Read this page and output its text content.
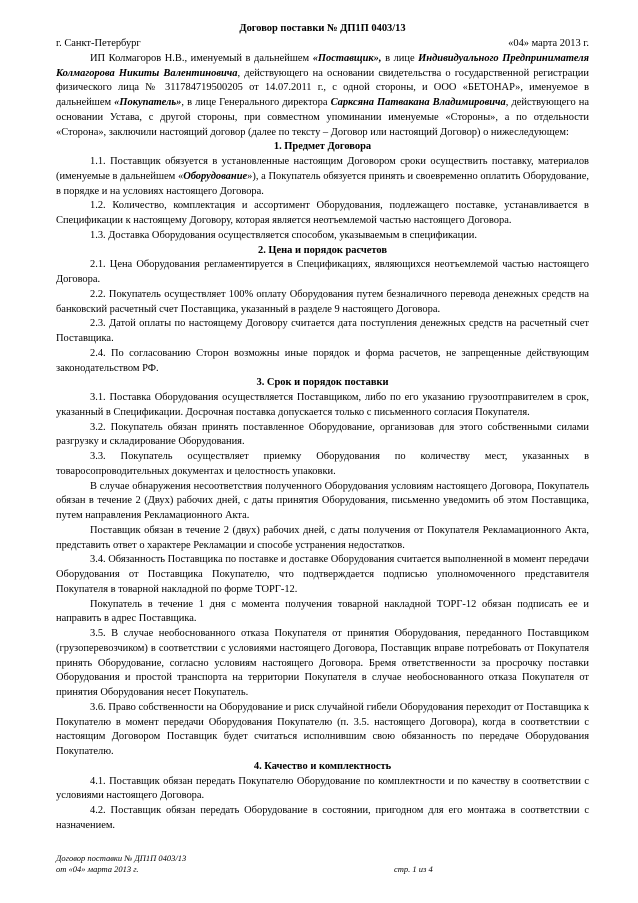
Договор поставки № ДП1П 0403/13
г. Санкт-Петербург	«04» марта 2013 г.

ИП Колмагоров Н.В., именуемый в дальнейшем «Поставщик», в лице Индивидуального Предпринимателя Колмагорова Никиты Валентиновича, действующего на основании свидетельства о государственной регистрации физического лица № 311784719500205 от 14.07.2011 г., с одной стороны, и ООО «БЕТОНАР», именуемое в дальнейшем «Покупатель», в лице Генерального директора Сарксяна Патвакана Владимировича, действующего на основании Устава, с другой стороны, при совместном упоминании именуемые «Стороны», а по отдельности «Сторона», заключили настоящий договор (далее по тексту – Договор или настоящий Договор) о нижеследующем:

1. Предмет Договора

1.1. Поставщик обязуется в установленные настоящим Договором сроки осуществить поставку, материалов (именуемые в дальнейшем «Оборудование»), а Покупатель обязуется принять и своевременно оплатить Оборудование, в порядке и на условиях настоящего Договора.

1.2. Количество, комплектация и ассортимент Оборудования, подлежащего поставке, устанавливается в Спецификации к настоящему Договору, которая является неотъемлемой частью настоящего Договора.

1.3. Доставка Оборудования осуществляется способом, указываемым в спецификации.

2. Цена и порядок расчетов

2.1. Цена Оборудования регламентируется в Спецификациях, являющихся неотъемлемой частью настоящего Договора.

2.2. Покупатель осуществляет 100% оплату Оборудования путем безналичного перевода денежных средств на банковский расчетный счет Поставщика, указанный в разделе 9 настоящего Договора.

2.3. Датой оплаты по настоящему Договору считается дата поступления денежных средств на расчетный счет Поставщика.

2.4. По согласованию Сторон возможны иные порядок и форма расчетов, не запрещенные действующим законодательством РФ.

3. Срок и порядок поставки

3.1. Поставка Оборудования осуществляется Поставщиком, либо по его указанию грузоотправителем в срок, указанный в Спецификации. Досрочная поставка допускается только с письменного согласия Покупателя.

3.2. Покупатель обязан принять поставленное Оборудование, организовав для этого собственными силами разгрузку и складирование Оборудования.

3.3. Покупатель осуществляет приемку Оборудования по количеству мест, указанных в товаросопроводительных документах и целостность упаковки.

В случае обнаружения несоответствия полученного Оборудования условиям настоящего Договора, Покупатель обязан в течение 2 (Двух) рабочих дней, с даты принятия Оборудования, письменно уведомить об этом Поставщика, путем направления Рекламационного Акта.

Поставщик обязан в течение 2 (двух) рабочих дней, с даты получения от Покупателя Рекламационного Акта, представить ответ о характере Рекламации и способе устранения недостатков.

3.4. Обязанность Поставщика по поставке и доставке Оборудования считается выполненной в момент передачи Оборудования от Поставщика Покупателю, что подтверждается подписью уполномоченного представителя Покупателя в товарной накладной по форме ТОРГ-12.

Покупатель в течение 1 дня с момента получения товарной накладной ТОРГ-12 обязан подписать ее и направить в адрес Поставщика.

3.5. В случае необоснованного отказа Покупателя от принятия Оборудования, переданного Поставщиком (грузоперевозчиком) в соответствии с условиями настоящего Договора, Поставщик вправе потребовать от Покупателя принять Оборудование, согласно условиям настоящего Договора. Бремя ответственности за просрочку поставки Оборудования и простой транспорта на территории Покупателя в случае необоснованного отказа Покупателя от принятия Оборудования несет Покупатель.

3.6. Право собственности на Оборудование и риск случайной гибели Оборудования переходит от Поставщика к Покупателю в момент передачи Оборудования Покупателю (п. 3.5. настоящего Договора), когда в соответствии с настоящим Договором Поставщик будет считаться исполнившим свою обязанность по передаче Оборудования Покупателю.

4. Качество и комплектность

4.1. Поставщик обязан передать Покупателю Оборудование по комплектности и по качеству в соответствии с условиями настоящего Договора.

4.2. Поставщик обязан передать Оборудование в состоянии, пригодном для его монтажа в соответствии с назначением.

Договор поставки № ДП1П 0403/13
от «04» марта 2013 г.	стр. 1 из 4
